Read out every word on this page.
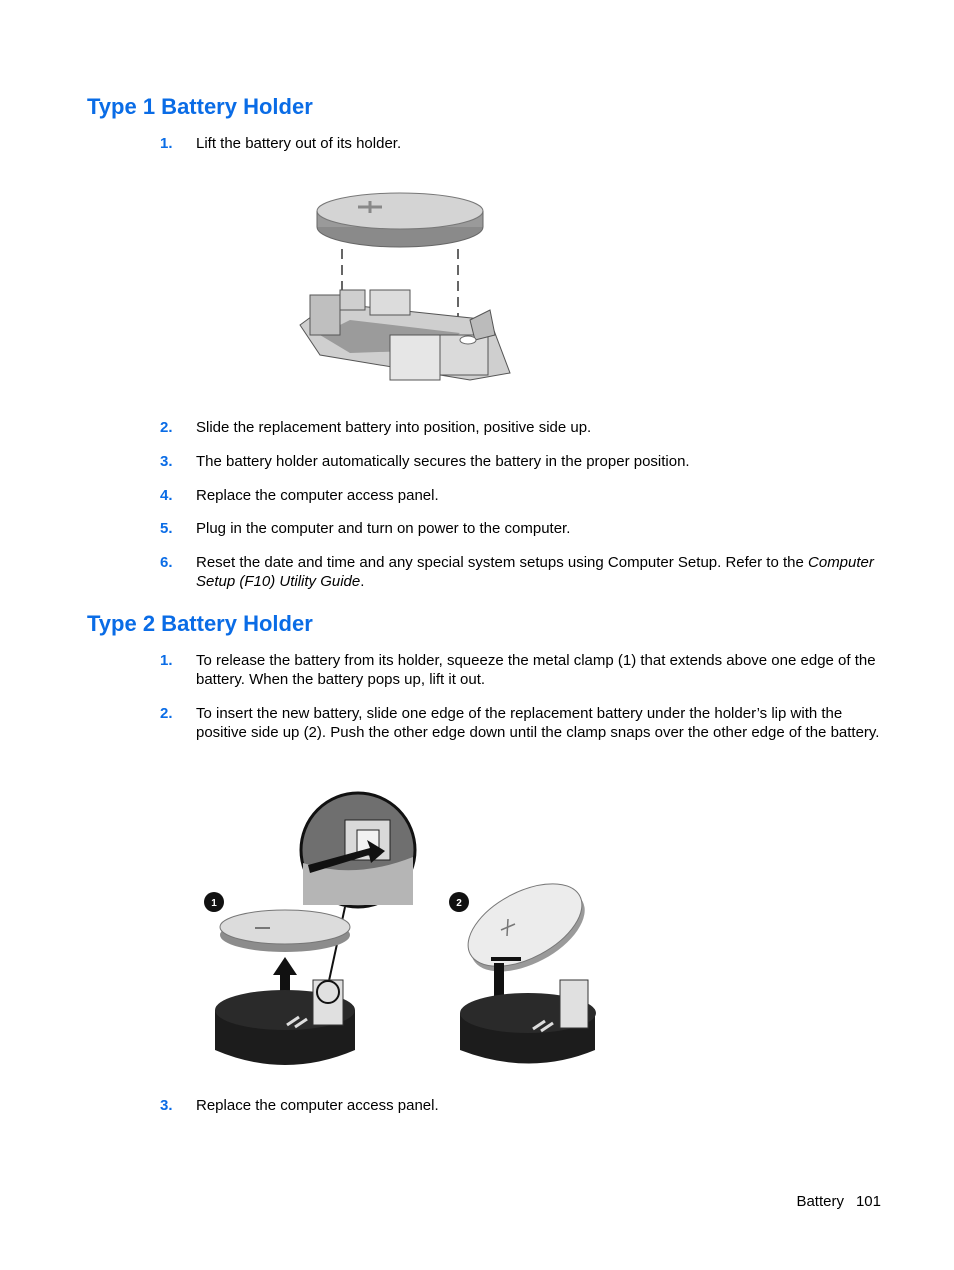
Type 1 Battery Holder
1. Lift the battery out of its holder.
2. Slide the replacement battery into position, positive side up.
3. The battery holder automatically secures the battery in the proper position.
4. Replace the computer access panel.
5. Plug in the computer and turn on power to the computer.
6. Reset the date and time and any special system setups using Computer Setup. Refer to the Computer Setup (F10) Utility Guide.
Type 2 Battery Holder
1. To release the battery from its holder, squeeze the metal clamp (1) that extends above one edge of the battery. When the battery pops up, lift it out.
2. To insert the new battery, slide one edge of the replacement battery under the holder’s lip with the positive side up (2). Push the other edge down until the clamp snaps over the other edge of the battery.
1	2
3. Replace the computer access panel.
Battery 101
